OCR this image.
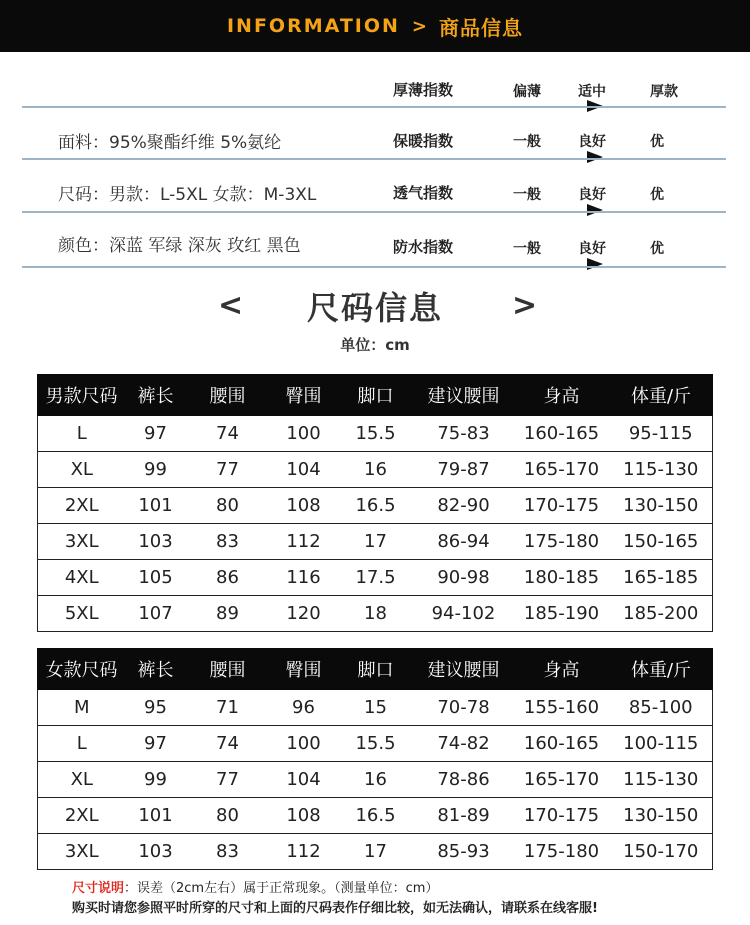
INFORMATION > 商品信息
厚薄指数	偏薄	适中	厚款
面料：95%聚酯纤维 5%氨纶	保暖指数	一般	良好	优
尺码：男款：L-5XL 女款：M-3XL	透气指数	一般	良好	优
颜色：深蓝 军绿 深灰 玫红 黑色	防水指数	一般	良好	优
<	尺码信息	>
单位：cm
男款尺码	裤长	腰围	臀围	脚口	建议腰围	身高	体重/斤
L	97	74	100	15.5	75-83	160-165	95-115
XL	99	77	104	16	79-87	165-170	115-130
2XL	101	80	108	16.5	82-90	170-175	130-150
3XL	103	83	112	17	86-94	175-180	150-165
4XL	105	86	116	17.5	90-98	180-185	165-185
5XL	107	89	120	18	94-102	185-190	185-200
女款尺码	裤长	腰围	臀围	脚口	建议腰围	身高	体重/斤
M	95	71	96	15	70-78	155-160	85-100
L	97	74	100	15.5	74-82	160-165	100-115
XL	99	77	104	16	78-86	165-170	115-130
2XL	101	80	108	16.5	81-89	170-175	130-150
3XL	103	83	112	17	85-93	175-180	150-170
尺寸说明：误差（2cm左右）属于正常现象。（测量单位：cm）
购买时请您参照平时所穿的尺寸和上面的尺码表作仔细比较，如无法确认，请联系在线客服!
